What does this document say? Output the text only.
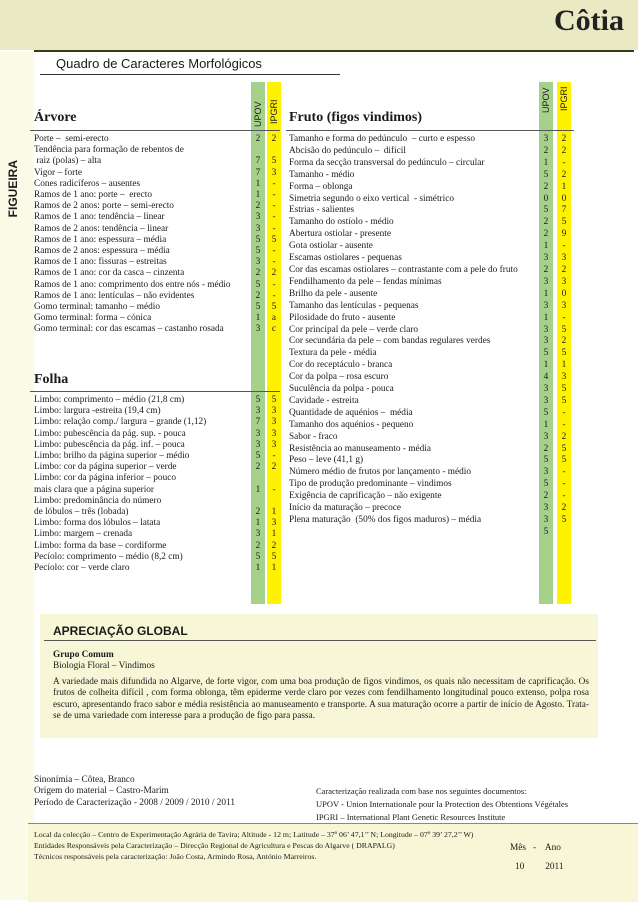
Côtia
FIGUEIRA
Quadro de Caracteres Morfológicos
UPOV IPGRI	UPOV IPGRI
Árvore
Porte –  semi-erecto
Tendência para formação de rebentos de
raiz (polas) – alta
Vigor – forte
Cones radicíferos – ausentes
Ramos de 1 ano: porte –  erecto
Ramos de 2 anos: porte – semi-erecto
Ramos de 1 ano: tendência – linear
Ramos de 2 anos: tendência – linear
Ramos de 1 ano: espessura – média
Ramos de 2 anos: espessura – média
Ramos de 1 ano: fissuras – estreitas
Ramos de 1 ano: cor da casca – cinzenta
Ramos de 1 ano: comprimento dos entre nós - médio
Ramos de 1 ano: lentículas – não evidentes
Gomo terminal: tamanho – médio
Gomo terminal: forma – cónica
Gomo terminal: cor das escamas – castanho rosada
2

7
7
1
1
2
3
3
5
5
3
2
5
2
5
1
3
2

5
3
-
-
-
-
-
5
-
-
2
-
-
5
a
c
Folha
Limbo: comprimento – médio (21,8 cm)
Limbo: largura -estreita (19,4 cm)
Limbo: relação comp./ largura – grande (1,12)
Limbo: pubescência da pág. sup. - pouca
Limbo: pubescência da pág. inf. – pouca
Limbo: brilho da página superior – médio
Limbo: cor da página superior – verde
Limbo: cor da página inferior – pouco
mais clara que a página superior
Limbo: predominância do número
de lóbulos – três (lobada)
Limbo: forma dos lóbulos – latata
Limbo: margem – crenada
Limbo: forma da base – cordiforme
Pecíolo: comprimento – médio (8,2 cm)
Pecíolo: cor – verde claro
5
3
7
3
3
5
2

1

2
1
3
2
5
1
5
3
3
3
3
-
2

-

1
3
1
2
5
1
Fruto (figos vindimos)
Tamanho e forma do pedúnculo  – curto e espesso
Abcisão do pedúnculo –  difícil
Forma da secção transversal do pedúnculo – circular
Tamanho - médio
Forma – oblonga
Simetria segundo o eixo vertical  - simétrico
Estrias - salientes
Tamanho do ostíolo - médio
Abertura ostiolar - presente
Gota ostiolar - ausente
Escamas ostiolares - pequenas
Cor das escamas ostiolares – contrastante com a pele do fruto
Fendilhamento da pele – fendas mínimas
Brilho da pele - ausente
Tamanho das lentículas - pequenas
Pilosidade do fruto - ausente
Cor principal da pele – verde claro
Cor secundária da pele – com bandas regulares verdes
Textura da pele - média
Cor do receptáculo - branca
Cor da polpa – rosa escuro
Suculência da polpa - pouca
Cavidade - estreita
Quantidade de aquénios –  média
Tamanho dos aquénios - pequeno
Sabor - fraco
Resistência ao manuseamento - média
Peso – leve (41,1 g)
Número médio de frutos por lançamento - médio
Tipo de produção predominante – vindimos
Exigência de caprificação – não exigente
Início da maturação – precoce
Plena maturação  (50% dos figos maduros) – média
3
2
1
5
2
0
5
2
2
1
3
2
3
1
3
1
3
3
5
1
4
3
3
5
1
3
2
5
3
5
2
3
3
5
2
2
-
2
1
0
7
5
9
-
3
2
3
0
3
-
5
2
5
1
3
5
5
-
-
2
5
5
-
-
-
2
5
APRECIAÇÃO GLOBAL
Grupo Comum
Biologia Floral – Vindimos
A variedade mais difundida no Algarve, de forte vigor, com uma boa produção de figos vindimos, os quais não necessitam de caprificação. Os frutos de colheita difícil , com forma oblonga, têm epiderme verde claro por vezes com fendilhamento longitudinal pouco extenso, polpa rosa escuro, apresentando fraco sabor e média resistência ao manuseamento e transporte. A sua maturação ocorre a partir de início de Agosto. Trata-se de uma variedade com interesse para a produção de figo para passa.
Sinonímia – Côtea, Branco
Origem do material – Castro-Marim
Período de Caracterização - 2008 / 2009 / 2010 / 2011
Caracterização realizada com base nos seguintes documentos:
UPOV - Union Internationale pour la Protection des Obtentions Végétales
IPGRI – International Plant Genetic Resources Institute
Local da colecção – Centro de Experimentação Agrária de Tavira; Altitude - 12 m; Latitude – 37º 06’ 47,1’’ N; Longitude – 07º 39’ 27,2’’ W)
Entidades Responsáveis pela Caracterização – Direcção Regional de Agricultura e Pescas do Algarve ( DRAPALG)
Técnicos responsáveis pela caracterização: João Costa, Armindo Rosa, António Marreiros.
Mês   -    Ano
10         2011
